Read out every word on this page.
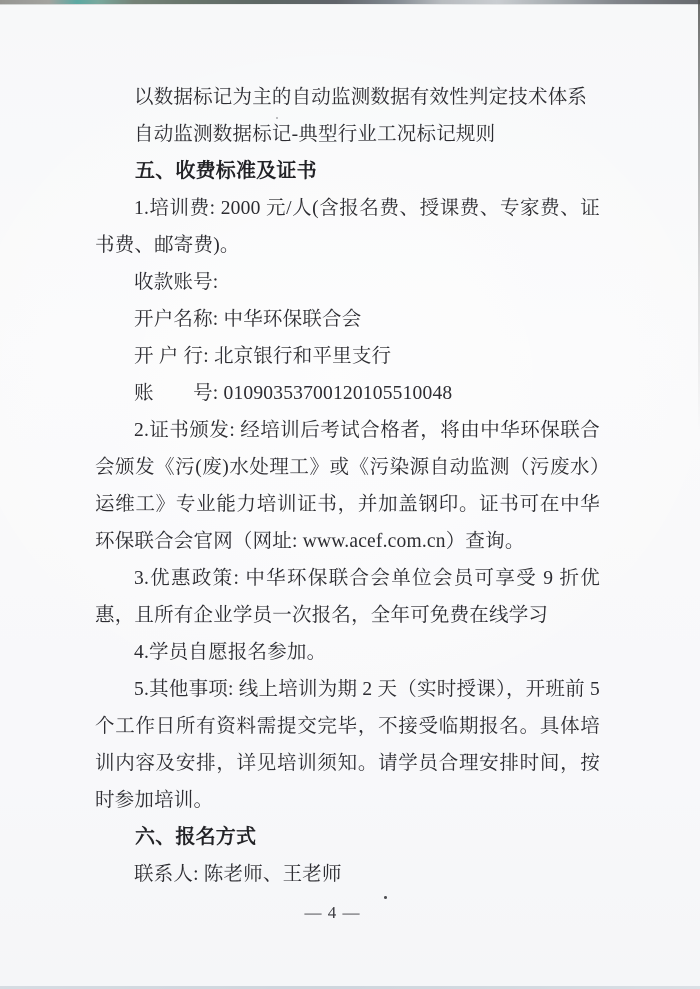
以数据标记为主的自动监测数据有效性判定技术体系

自动监测数据标记-典型行业工况标记规则

五、收费标准及证书

1.培训费: 2000 元/人(含报名费、授课费、专家费、证书费、邮寄费)。

收款账号:

开户名称: 中华环保联合会

开 户 行: 北京银行和平里支行

账　　号: 01090353700120105510048

2.证书颁发: 经培训后考试合格者，将由中华环保联合会颁发《污(废)水处理工》或《污染源自动监测（污废水）运维工》专业能力培训证书，并加盖钢印。证书可在中华环保联合会官网（网址: www.acef.com.cn）查询。

3.优惠政策: 中华环保联合会单位会员可享受 9 折优惠，且所有企业学员一次报名，全年可免费在线学习

4.学员自愿报名参加。

5.其他事项: 线上培训为期 2 天（实时授课），开班前 5 个工作日所有资料需提交完毕，不接受临期报名。具体培训内容及安排，详见培训须知。请学员合理安排时间，按时参加培训。

六、报名方式

联系人: 陈老师、王老师

— 4 —
